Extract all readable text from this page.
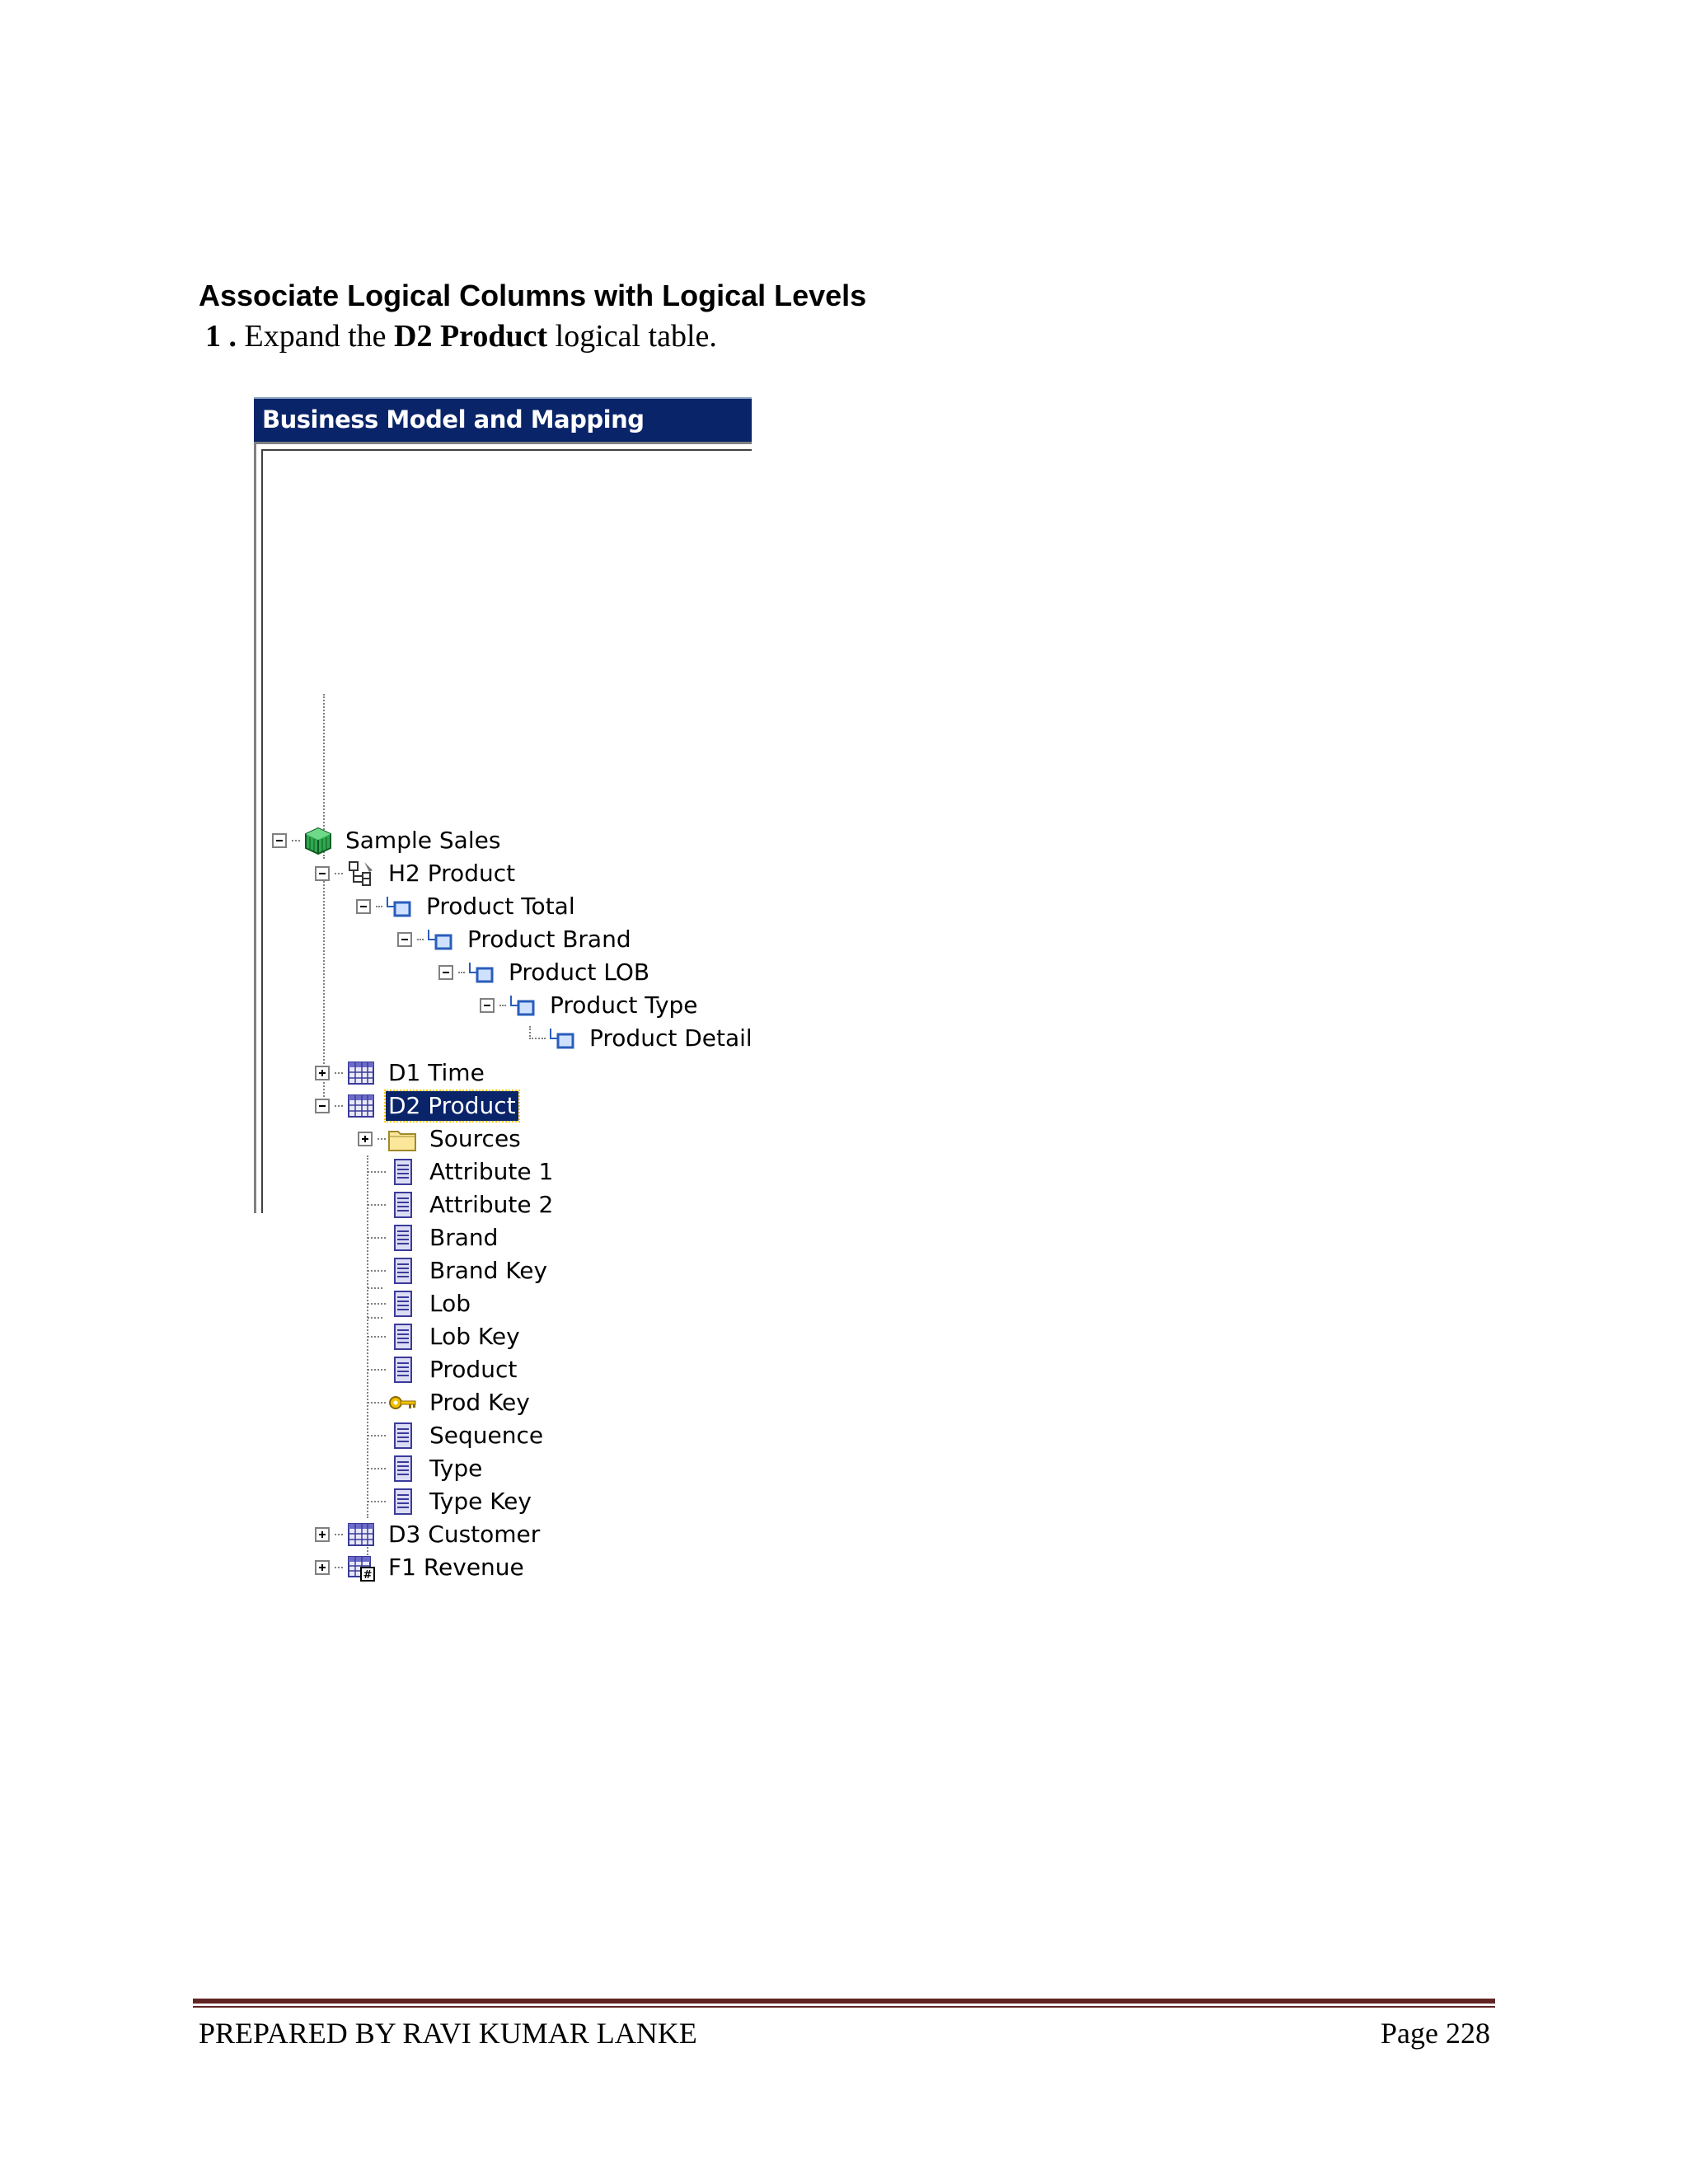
Associate Logical Columns with Logical Levels
1 . Expand the D2 Product logical table.
Business Model and Mapping
Sample Sales
H2 Product
Product Total
Product Brand
Product LOB
Product Type
Product Detail
D1 Time
D2 Product
Sources
Attribute 1
Attribute 2
Brand
Brand Key
Lob
Lob Key
Product
Prod Key
Sequence
Type
Type Key
D3 Customer
# F1 Revenue
PREPARED BY RAVI KUMAR LANKE	Page 228
